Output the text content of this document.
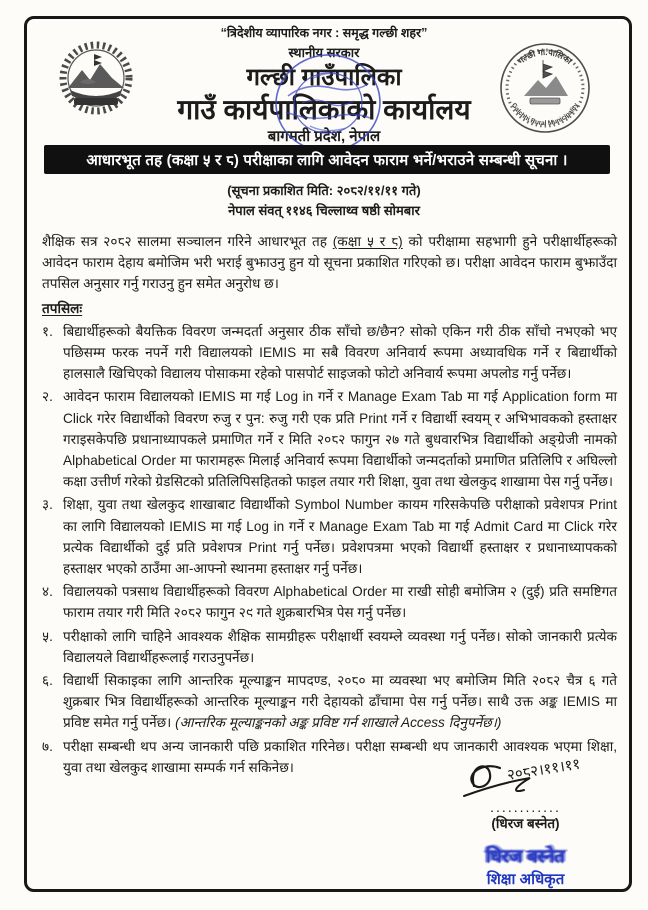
“त्रिदेशीय व्यापारिक नगर : समृद्ध गल्छी शहर”
स्थानीय सरकार
गल्छी गाउँपालिका
गाउँ कार्यपालिकाको कार्यालय
बागमती प्रदेश, नेपाल
गल्छी गा.पालिका
Galchhi Rural Municipality
आधारभूत तह (कक्षा ५ र ८) परीक्षाका लागि आवेदन फाराम भर्ने/भराउने सम्बन्धी सूचना ।
(सूचना प्रकाशित मिति: २०८२/११/११ गते)
नेपाल संवत् ११४६ चिल्लाथ्व षष्ठी सोमबार

शैक्षिक सत्र २०८२ सालमा सञ्चालन गरिने आधारभूत तह (कक्षा ५ र ८) को परीक्षामा सहभागी हुने परीक्षार्थीहरूको आवेदन फाराम देहाय बमोजिम भरी भराई बुझाउनु हुन यो सूचना प्रकाशित गरिएको छ। परीक्षा आवेदन फाराम बुझाउँदा तपसिल अनुसार गर्नु गराउनु हुन समेत अनुरोध छ।

तपसिलः
१. बिद्यार्थीहरूको बैयक्तिक विवरण जन्मदर्ता अनुसार ठीक साँचो छ/छैन? सोको एकिन गरी ठीक साँचो नभएको भए पछिसम्म फरक नपर्ने गरी विद्यालयको IEMIS मा सबै विवरण अनिवार्य रूपमा अध्यावधिक गर्ने र बिद्यार्थीको हालसालै खिचिएको विद्यालय पोसाकमा रहेको पासपोर्ट साइजको फोटो अनिवार्य रूपमा अपलोड गर्नु पर्नेछ।
२. आवेदन फाराम विद्यालयको IEMIS मा गई Log in गर्ने र Manage Exam Tab मा गई Application form मा Click गरेर विद्यार्थीको विवरण रुजु र पुन: रुजु गरी एक प्रति Print गर्ने र विद्यार्थी स्वयम् र अभिभावकको हस्ताक्षर गराइसकेपछि प्रधानाध्यापकले प्रमाणित गर्ने र मिति २०८२ फागुन २७ गते बुधवारभित्र विद्यार्थीको अङ्ग्रेजी नामको Alphabetical Order मा फारामहरू मिलाई अनिवार्य रूपमा विद्यार्थीको जन्मदर्ताको प्रमाणित प्रतिलिपि र अघिल्लो कक्षा उत्तीर्ण गरेको ग्रेडसिटको प्रतिलिपिसहितको फाइल तयार गरी शिक्षा, युवा तथा खेलकुद शाखामा पेस गर्नु पर्नेछ।
३. शिक्षा, युवा तथा खेलकुद शाखाबाट विद्यार्थीको Symbol Number कायम गरिसकेपछि परीक्षाको प्रवेशपत्र Print का लागि विद्यालयको IEMIS मा गई Log in गर्ने र Manage Exam Tab मा गई Admit Card मा Click गरेर प्रत्येक विद्यार्थीको दुई प्रति प्रवेशपत्र Print गर्नु पर्नेछ। प्रवेशपत्रमा भएको विद्यार्थी हस्ताक्षर र प्रधानाध्यापकको हस्ताक्षर भएको ठाउँमा आ-आफ्नो स्थानमा हस्ताक्षर गर्नु पर्नेछ।
४. विद्यालयको पत्रसाथ विद्यार्थीहरूको विवरण Alphabetical Order मा राखी सोही बमोजिम २ (दुई) प्रति समष्टिगत फाराम तयार गरी मिति २०८२ फागुन २९ गते शुक्रबारभित्र पेस गर्नु पर्नेछ।
५. परीक्षाको लागि चाहिने आवश्यक शैक्षिक सामग्रीहरू परीक्षार्थी स्वयम्ले व्यवस्था गर्नु पर्नेछ। सोको जानकारी प्रत्येक विद्यालयले विद्यार्थीहरूलाई गराउनुपर्नेछ।
६. विद्यार्थी सिकाइका लागि आन्तरिक मूल्याङ्कन मापदण्ड, २०८० मा व्यवस्था भए बमोजिम मिति २०८२ चैत्र ६ गते शुक्रबार भित्र विद्यार्थीहरूको आन्तरिक मूल्याङ्कन गरी देहायको ढाँचामा पेस गर्नु पर्नेछ। साथै उक्त अङ्क IEMIS मा प्रविष्ट समेत गर्नु पर्नेछ। (आन्तरिक मूल्याङ्कनको अङ्क प्रविष्ट गर्न शाखाले Access दिनुपर्नेछ।)
७. परीक्षा सम्बन्धी थप अन्य जानकारी पछि प्रकाशित गरिनेछ। परीक्षा सम्बन्धी थप जानकारी आवश्यक भएमा शिक्षा, युवा तथा खेलकुद शाखामा सम्पर्क गर्न सकिनेछ।	२०८२।११।११
............
(धिरज बस्नेत)
धिरज बस्नेत
शिक्षा अधिकृत
